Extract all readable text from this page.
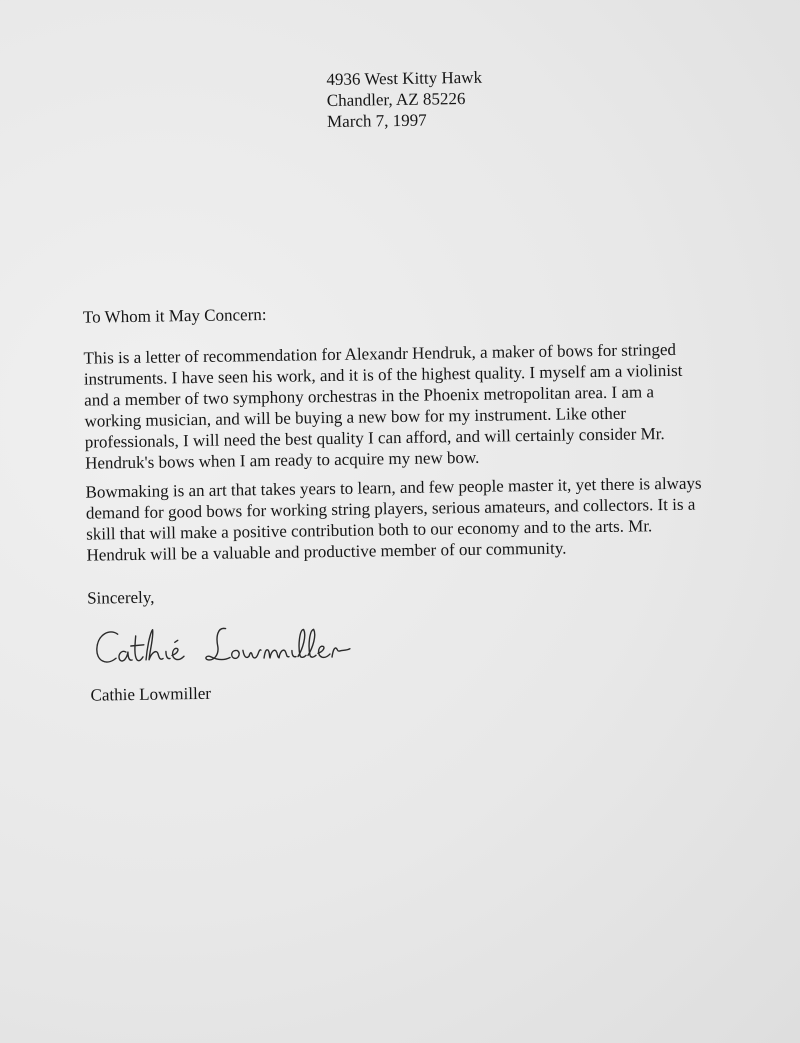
4936 West Kitty Hawk
Chandler, AZ 85226
March 7, 1997
To Whom it May Concern:
This is a letter of recommendation for Alexandr Hendruk, a maker of bows for stringed
instruments. I have seen his work, and it is of the highest quality. I myself am a violinist
and a member of two symphony orchestras in the Phoenix metropolitan area. I am a
working musician, and will be buying a new bow for my instrument. Like other
professionals, I will need the best quality I can afford, and will certainly consider Mr.
Hendruk's bows when I am ready to acquire my new bow.
Bowmaking is an art that takes years to learn, and few people master it, yet there is always
demand for good bows for working string players, serious amateurs, and collectors. It is a
skill that will make a positive contribution both to our economy and to the arts. Mr.
Hendruk will be a valuable and productive member of our community.
Sincerely,
Cathie Lowmiller
